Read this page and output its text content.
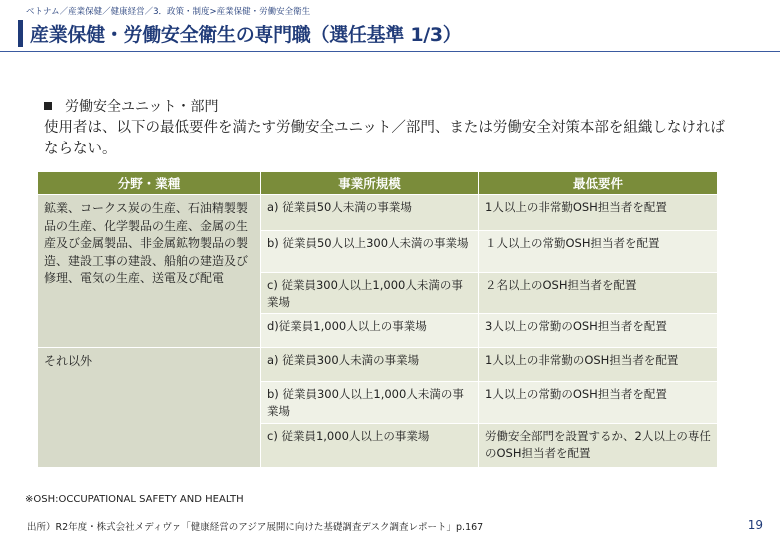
ベトナム／産業保健／健康経営／3．政策・制度>産業保健・労働安全衛生
産業保健・労働安全衛生の専門職（選任基準 1/3）
労働安全ユニット・部門
使用者は、以下の最低要件を満たす労働安全ユニット／部門、または労働安全対策本部を組織しなければならない。
分野・業種	事業所規模	最低要件
鉱業、コークス炭の生産、石油精製製品の生産、化学製品の生産、金属の生産及び金属製品、非金属鉱物製品の製造、建設工事の建設、船舶の建造及び修理、電気の生産、送電及び配電	a) 従業員50人未満の事業場	1人以上の非常勤OSH担当者を配置
	b) 従業員50人以上300人未満の事業場	１人以上の常勤OSH担当者を配置
	c) 従業員300人以上1,000人未満の事業場	２名以上のOSH担当者を配置
	d)従業員1,000人以上の事業場	3人以上の常勤のOSH担当者を配置
それ以外	a) 従業員300人未満の事業場	1人以上の非常勤のOSH担当者を配置
	b) 従業員300人以上1,000人未満の事業場	1人以上の常勤のOSH担当者を配置
	c) 従業員1,000人以上の事業場	労働安全部門を設置するか、2人以上の専任のOSH担当者を配置
※OSH:OCCUPATIONAL SAFETY AND HEALTH
出所）R2年度・株式会社メディヴァ「健康経営のアジア展開に向けた基礎調査デスク調査レポート」p.167	19
